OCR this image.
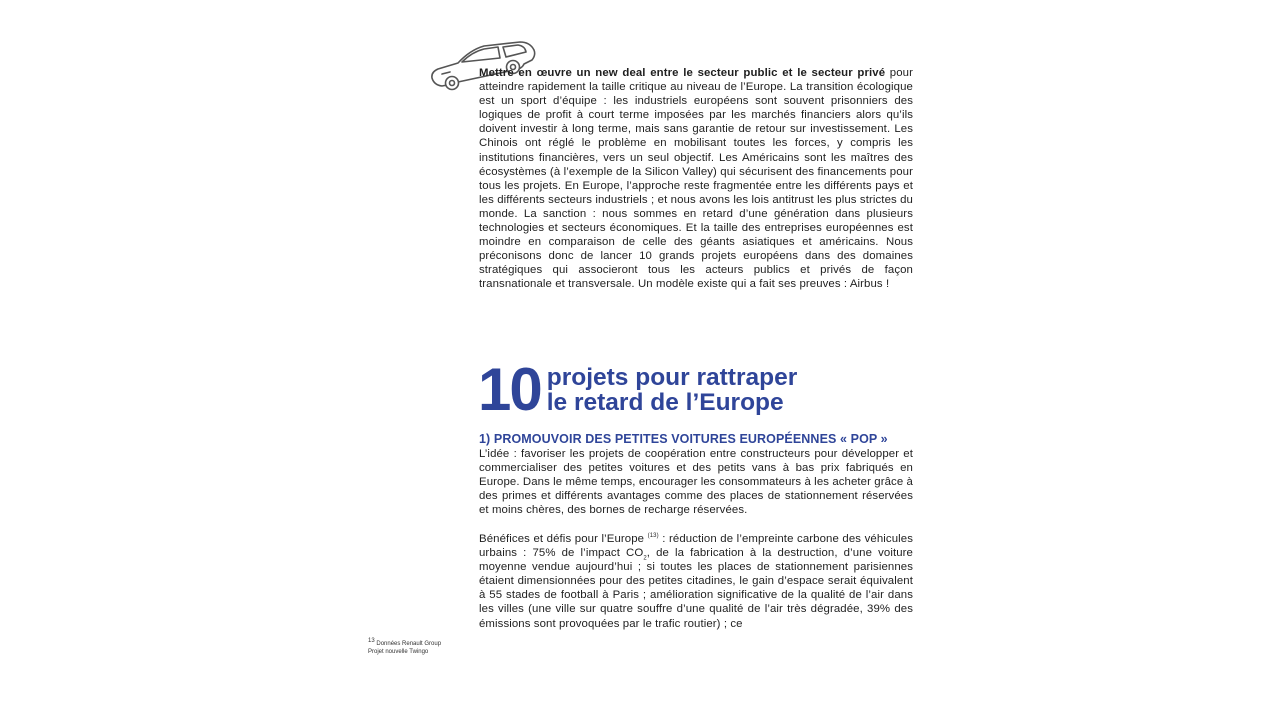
Mettre en œuvre un new deal entre le secteur public et le secteur privé pour atteindre rapidement la taille critique au niveau de l’Europe. La transition écologique est un sport d’équipe : les industriels européens sont souvent prisonniers des logiques de profit à court terme imposées par les marchés financiers alors qu’ils doivent investir à long terme, mais sans garantie de retour sur investissement. Les Chinois ont réglé le problème en mobilisant toutes les forces, y compris les institutions financières, vers un seul objectif. Les Américains sont les maîtres des écosystèmes (à l’exemple de la Silicon Valley) qui sécurisent des financements pour tous les projets. En Europe, l’approche reste fragmentée entre les différents pays et les différents secteurs industriels ; et nous avons les lois antitrust les plus strictes du monde. La sanction : nous sommes en retard d’une génération dans plusieurs technologies et secteurs économiques. Et la taille des entreprises européennes est moindre en comparaison de celle des géants asiatiques et américains. Nous préconisons donc de lancer 10 grands projets européens dans des domaines stratégiques qui associeront tous les acteurs publics et privés de façon transnationale et transversale. Un modèle existe qui a fait ses preuves : Airbus !
10 projets pour rattraper
le retard de l’Europe
1) PROMOUVOIR DES PETITES VOITURES EUROPÉENNES « POP »
L’idée : favoriser les projets de coopération entre constructeurs pour développer et commercialiser des petites voitures et des petits vans à bas prix fabriqués en Europe. Dans le même temps, encourager les consommateurs à les acheter grâce à des primes et différents avantages comme des places de stationnement réservées et moins chères, des bornes de recharge réservées.
Bénéfices et défis pour l’Europe $^{(13)}$ : réduction de l’empreinte carbone des véhicules urbains : 75% de l’impact $CO_2$, de la fabrication à la destruction, d’une voiture moyenne vendue aujourd’hui ; si toutes les places de stationnement parisiennes étaient dimensionnées pour des petites citadines, le gain d’espace serait équivalent à 55 stades de football à Paris ; amélioration significative de la qualité de l’air dans les villes (une ville sur quatre souffre d’une qualité de l’air très dégradée, 39% des émissions sont provoquées par le trafic routier) ; ce
$^{13}$ Données Renault Group
Projet nouvelle Twingo
